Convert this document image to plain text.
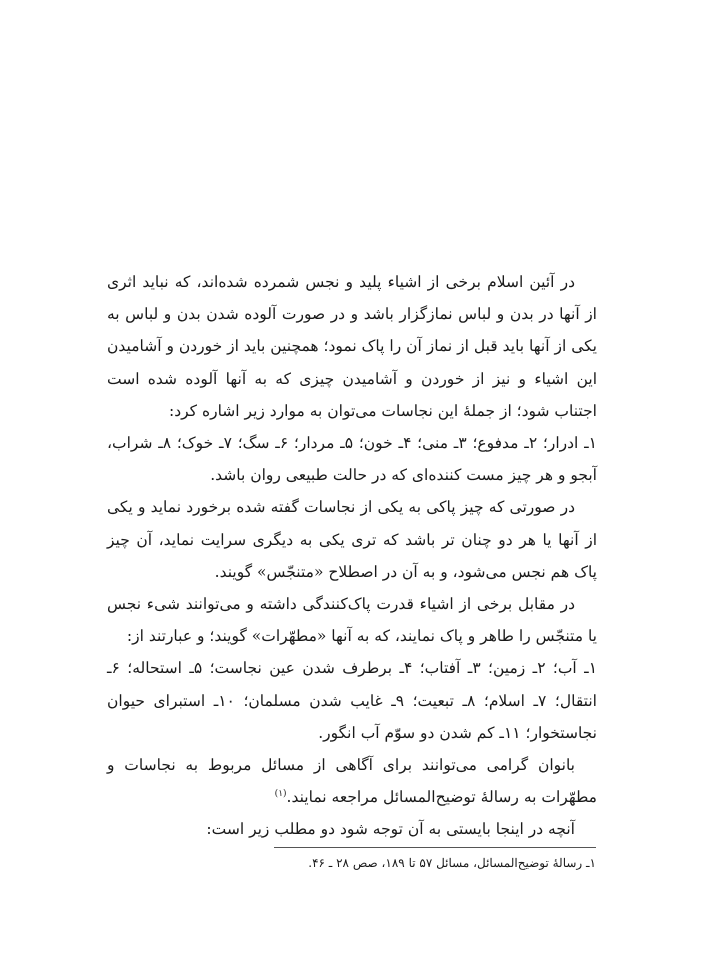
در آئین اسلام برخی از اشیاء پلید و نجس شمرده شده‌اند، که نباید اثری از آنها در بدن و لباس نمازگزار باشد و در صورت آلوده شدن بدن و لباس به یکی از آنها باید قبل از نماز آن را پاک نمود؛ همچنین باید از خوردن و آشامیدن این اشیاء و نیز از خوردن و آشامیدن چیزی که به آنها آلوده شده است اجتناب شود؛ از جملهٔ این نجاسات می‌توان به موارد زیر اشاره کرد:

۱ـ ادرار؛ ۲ـ مدفوع؛ ۳ـ منی؛ ۴ـ خون؛ ۵ـ مردار؛ ۶ـ سگ؛ ۷ـ خوک؛ ۸ـ شراب، آبجو و هر چیز مست کننده‌ای که در حالت طبیعی روان باشد.

در صورتی که چیز پاکی به یکی از نجاسات گفته شده برخورد نماید و یکی از آنها یا هر دو چنان تر باشد که تری یکی به دیگری سرایت نماید، آن چیز پاک هم نجس می‌شود، و به آن در اصطلاح «متنجّس» گویند.

در مقابل برخی از اشیاء قدرت پاک‌کنندگی داشته و می‌توانند شیء نجس یا متنجّس را طاهر و پاک نمایند، که به آنها «مطهّرات» گویند؛ و عبارتند از:

۱ـ آب؛ ۲ـ زمین؛ ۳ـ آفتاب؛ ۴ـ برطرف شدن عین نجاست؛ ۵ـ استحاله؛ ۶ـ انتقال؛ ۷ـ اسلام؛ ۸ـ تبعیت؛ ۹ـ غایب شدن مسلمان؛ ۱۰ـ استبرای حیوان نجاستخوار؛ ۱۱ـ کم شدن دو سوّم آب انگور.

بانوان گرامی می‌توانند برای آگاهی از مسائل مربوط به نجاسات و مطهّرات به رسالهٔ توضیح‌المسائل مراجعه نمایند.$^{(۱)}$

آنچه در اینجا بایستی به آن توجه شود دو مطلب زیر است:

۱ـ رسالهٔ توضیح‌المسائل، مسائل ۵۷ تا ۱۸۹، صص ۲۸ ـ ۴۶.
